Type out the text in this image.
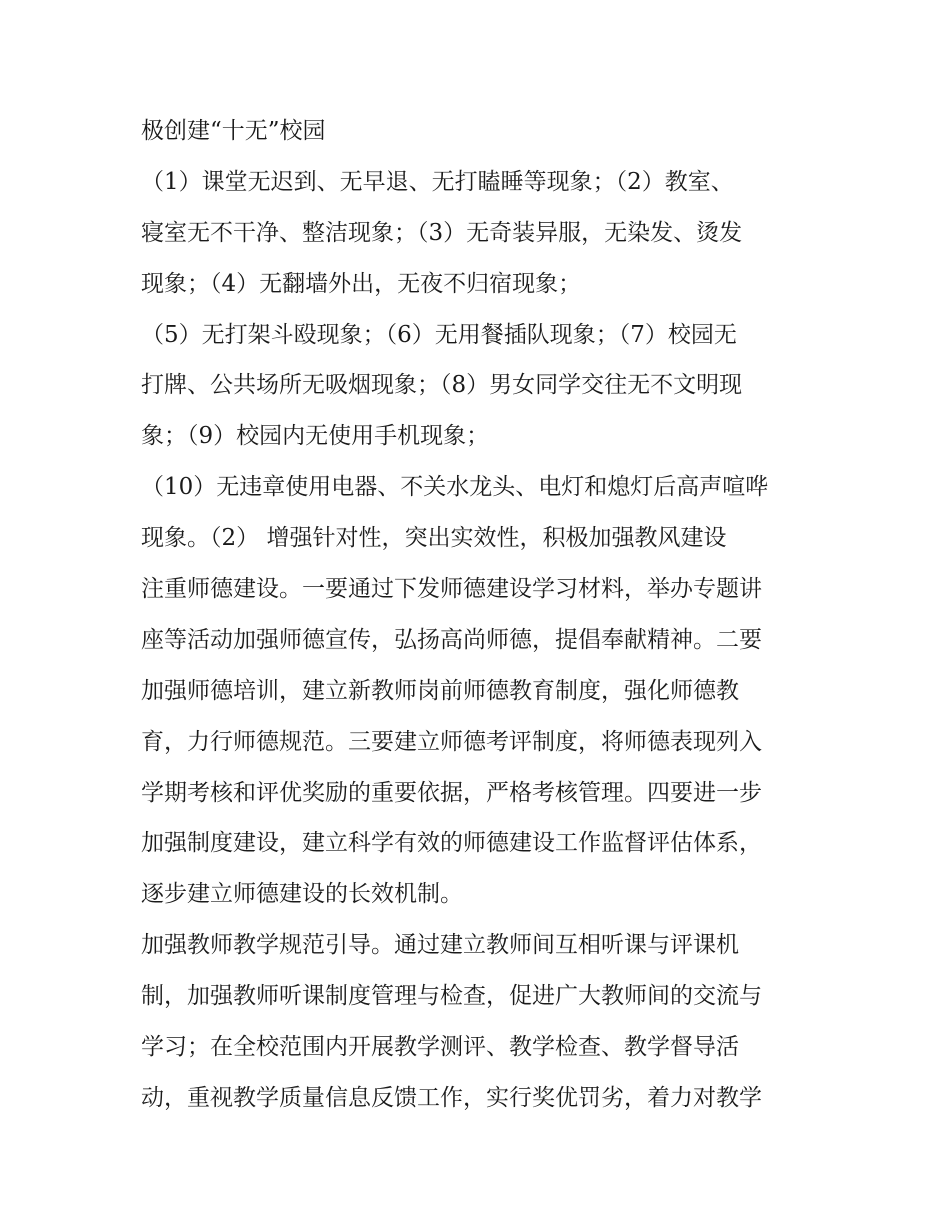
极创建“十无”校园
（1）课堂无迟到、无早退、无打瞌睡等现象；（2）教室、
寝室无不干净、整洁现象；（3）无奇装异服，无染发、烫发
现象；（4）无翻墙外出，无夜不归宿现象；
（5）无打架斗殴现象；（6）无用餐插队现象；（7）校园无
打牌、公共场所无吸烟现象；（8）男女同学交往无不文明现
象；（9）校园内无使用手机现象；
（10）无违章使用电器、不关水龙头、电灯和熄灯后高声喧哗
现象。（2） 增强针对性，突出实效性，积极加强教风建设
注重师德建设。一要通过下发师德建设学习材料，举办专题讲
座等活动加强师德宣传，弘扬高尚师德，提倡奉献精神。二要
加强师德培训，建立新教师岗前师德教育制度，强化师德教
育，力行师德规范。三要建立师德考评制度，将师德表现列入
学期考核和评优奖励的重要依据，严格考核管理。四要进一步
加强制度建设，建立科学有效的师德建设工作监督评估体系，
逐步建立师德建设的长效机制。
加强教师教学规范引导。通过建立教师间互相听课与评课机
制，加强教师听课制度管理与检查，促进广大教师间的交流与
学习；在全校范围内开展教学测评、教学检查、教学督导活
动，重视教学质量信息反馈工作，实行奖优罚劣，着力对教学
